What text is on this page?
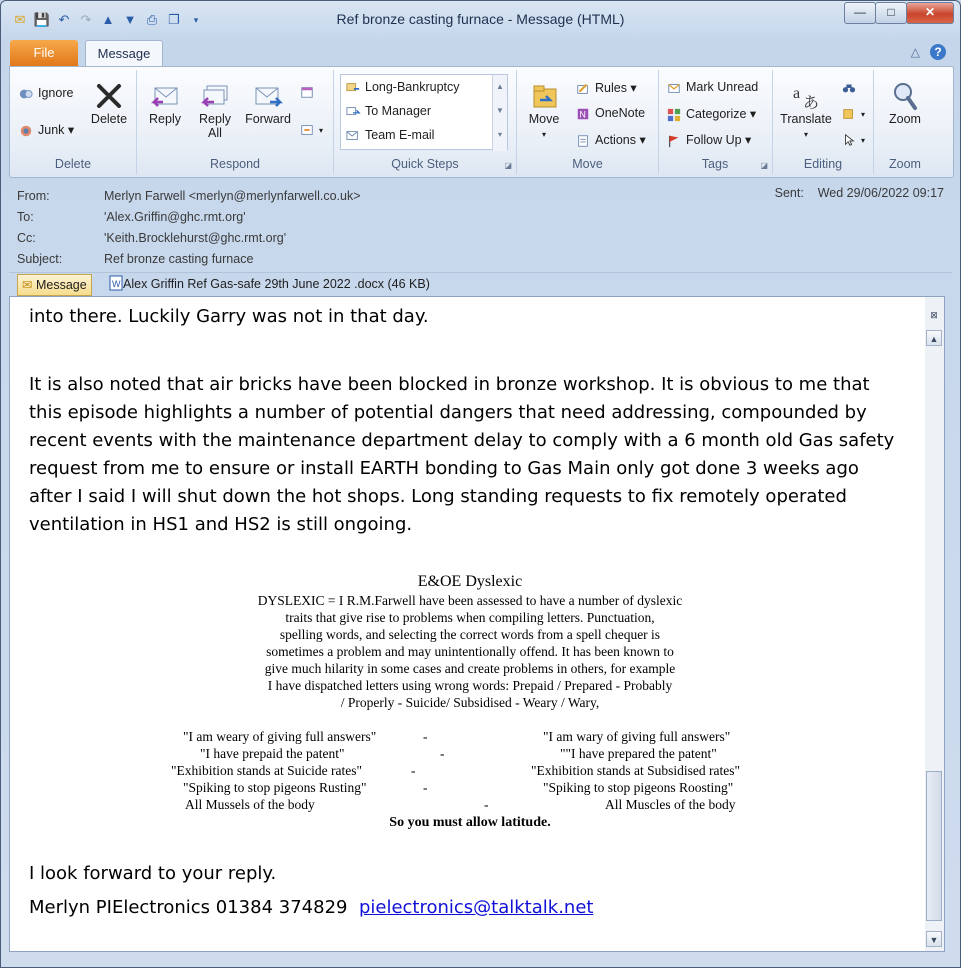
✉ 💾 ↶ ↷ ▲ ▼ ⎙ ❐	▾	Ref bronze casting furnace - Message (HTML)	—	□	✕
File	Message	△	?
Ignore
Junk ▾
Delete
Delete
Reply	Reply
All
Forward
▾
Respond
Long-Bankruptcy
To Manager
Team E-mail
▲
▼
▾
Quick Steps	◪
Move
▾
Rules ▾
N OneNote
Actions ▾
Move
Mark Unread
Categorize ▾
Follow Up ▾
◪
Tags
a あ
Translate
▾
▾
▾
Editing
Zoom
Zoom
From:	Merlyn Farwell <merlyn@merlynfarwell.co.uk>
To:	'Alex.Griffin@ghc.rmt.org'
Cc:	'Keith.Brocklehurst@ghc.rmt.org'
Subject:	Ref bronze casting furnace
Sent: Wed 29/06/2022 09:17
✉ Message	W Alex Griffin Ref Gas-safe 29th June 2022 .docx (46 KB)
into there. Luckily Garry was not in that day.
It is also noted that air bricks have been blocked in bronze workshop. It is obvious to me that
this episode highlights a number of potential dangers that need addressing, compounded by
recent events with the maintenance department delay to comply with a 6 month old Gas safety
request from me to ensure or install EARTH bonding to Gas Main only got done 3 weeks ago
after I said I will shut down the hot shops. Long standing requests to fix remotely operated
ventilation in HS1 and HS2 is still ongoing.
E&OE Dyslexic
DYSLEXIC = I R.M.Farwell have been assessed to have a number of dyslexic
traits that give rise to problems when compiling letters. Punctuation,
spelling words, and selecting the correct words from a spell chequer is
sometimes a problem and may unintentionally offend. It has been known to
give much hilarity in some cases and create problems in others, for example
I have dispatched letters using wrong words: Prepaid / Prepared - Probably
/ Properly - Suicide/ Subsidised - Weary / Wary,
"I am weary of giving full answers"	-	"I am wary of giving full answers"
"I have prepaid the patent"	-	""I have prepared the patent"
"Exhibition stands at Suicide rates"	-	"Exhibition stands at Subsidised rates"
"Spiking to stop pigeons Rusting"	-	"Spiking to stop pigeons Roosting"
All Mussels of the body	-	All Muscles of the body
So you must allow latitude.
I look forward to your reply.
Merlyn PIElectronics 01384 374829 pielectronics@talktalk.net
⊠
▲
▼
